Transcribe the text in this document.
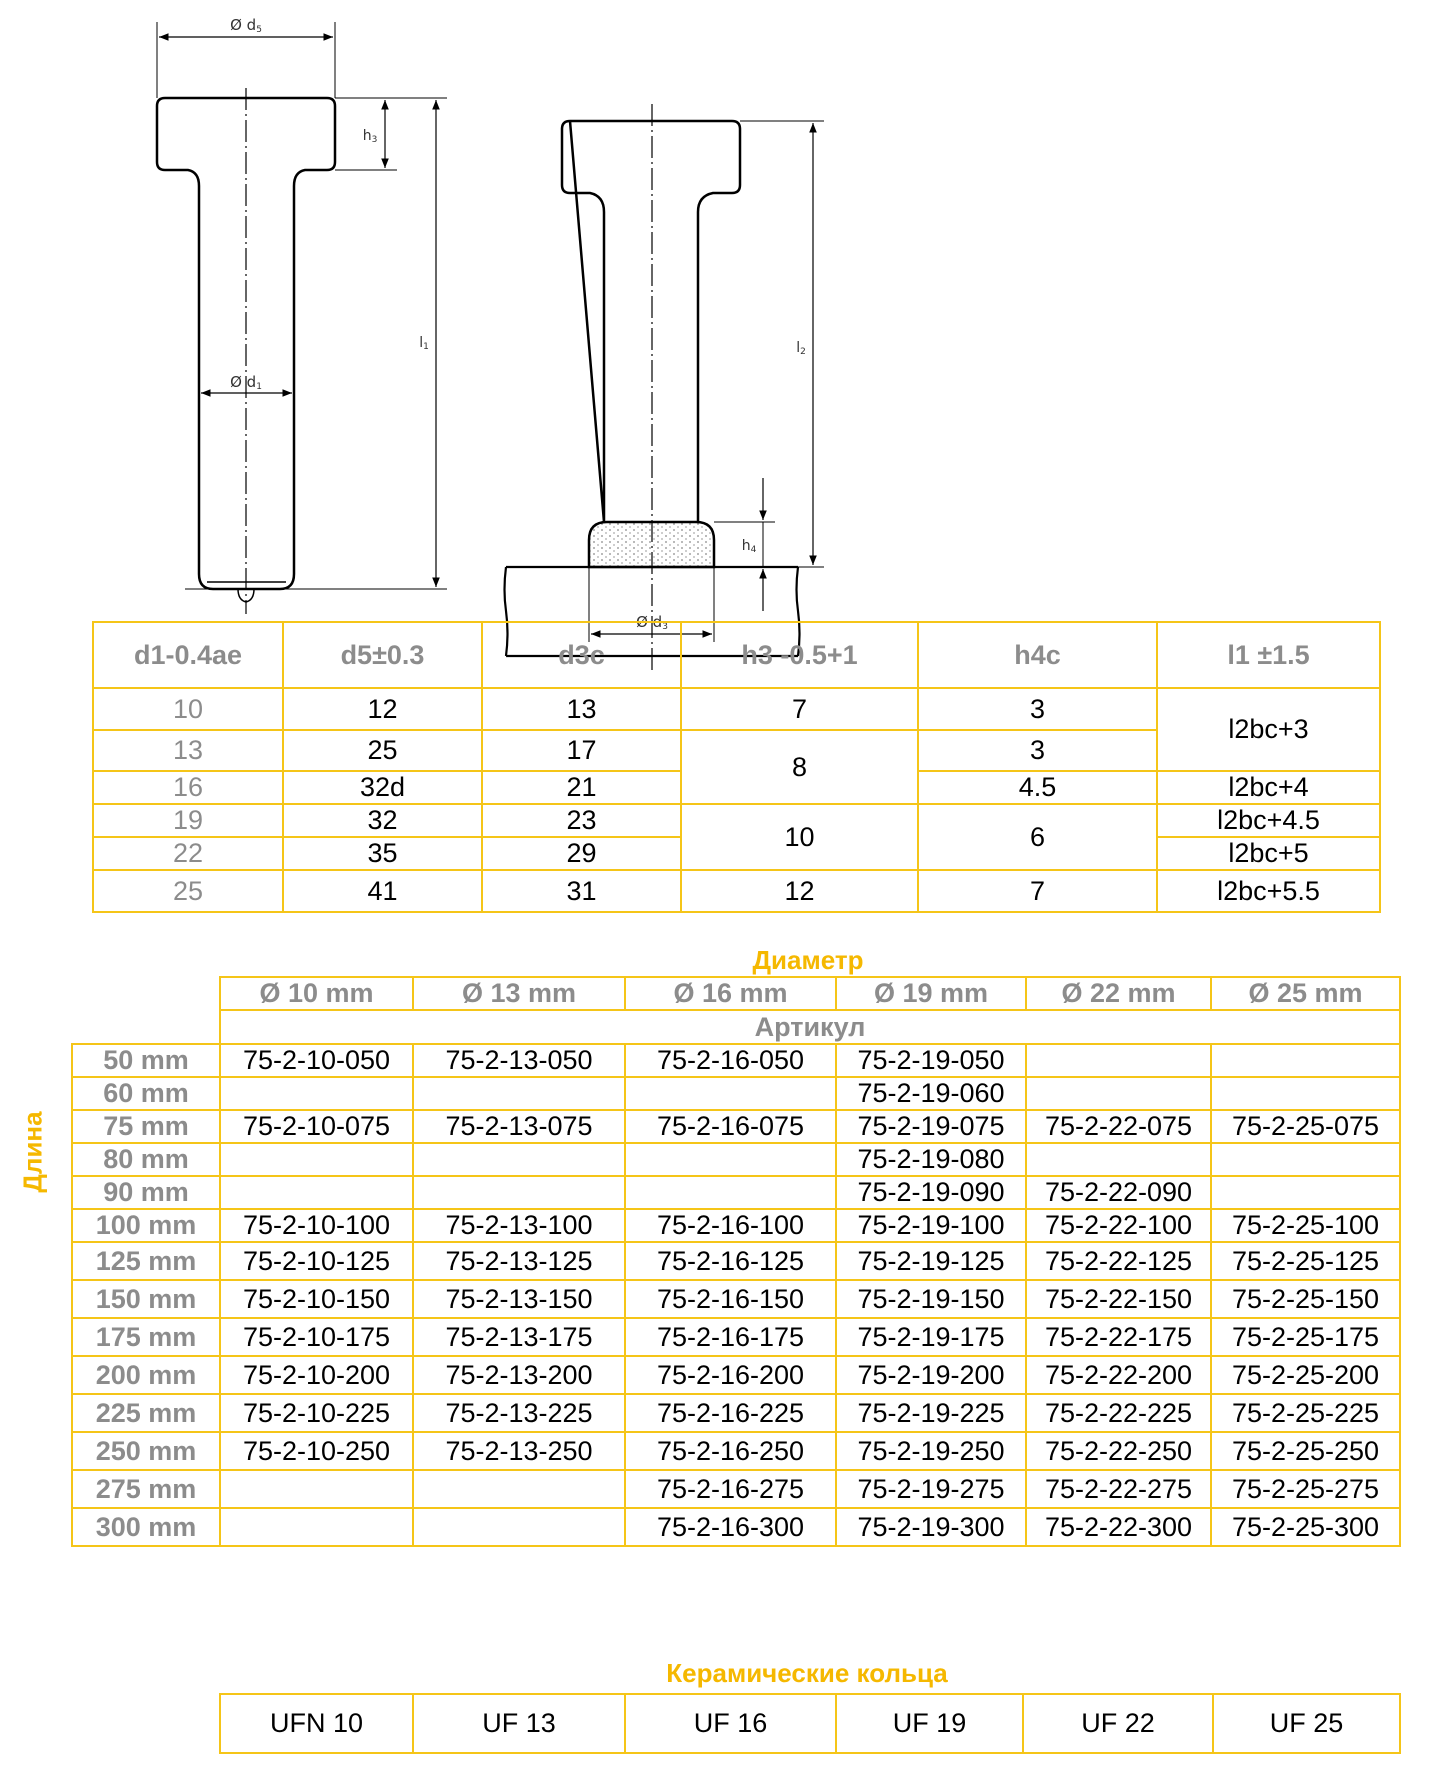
Ø d5
h3
l1
Ø d1
l2
h4
Ø d3
d1-0.4ae	d5±0.3	d3c	h3 -0.5+1	h4c	l1 ±1.5
10	12	13	7	3	l2bc+3
13	25	17	8	3	
16	32d	21		4.5	l2bc+4
19	32	23	10	6	l2bc+4.5
22	35	29			l2bc+5
25	41	31	12	7	l2bc+5.5
Диаметр
Длина
	Ø 10 mm	Ø 13 mm	Ø 16 mm	Ø 19 mm	Ø 22 mm	Ø 25 mm
	Артикул					
50 mm	75-2-10-050	75-2-13-050	75-2-16-050	75-2-19-050		
60 mm				75-2-19-060		
75 mm	75-2-10-075	75-2-13-075	75-2-16-075	75-2-19-075	75-2-22-075	75-2-25-075
80 mm				75-2-19-080		
90 mm				75-2-19-090	75-2-22-090	
100 mm	75-2-10-100	75-2-13-100	75-2-16-100	75-2-19-100	75-2-22-100	75-2-25-100
125 mm	75-2-10-125	75-2-13-125	75-2-16-125	75-2-19-125	75-2-22-125	75-2-25-125
150 mm	75-2-10-150	75-2-13-150	75-2-16-150	75-2-19-150	75-2-22-150	75-2-25-150
175 mm	75-2-10-175	75-2-13-175	75-2-16-175	75-2-19-175	75-2-22-175	75-2-25-175
200 mm	75-2-10-200	75-2-13-200	75-2-16-200	75-2-19-200	75-2-22-200	75-2-25-200
225 mm	75-2-10-225	75-2-13-225	75-2-16-225	75-2-19-225	75-2-22-225	75-2-25-225
250 mm	75-2-10-250	75-2-13-250	75-2-16-250	75-2-19-250	75-2-22-250	75-2-25-250
275 mm			75-2-16-275	75-2-19-275	75-2-22-275	75-2-25-275
300 mm			75-2-16-300	75-2-19-300	75-2-22-300	75-2-25-300
Керамические кольца
UFN 10	UF 13	UF 16	UF 19	UF 22	UF 25
